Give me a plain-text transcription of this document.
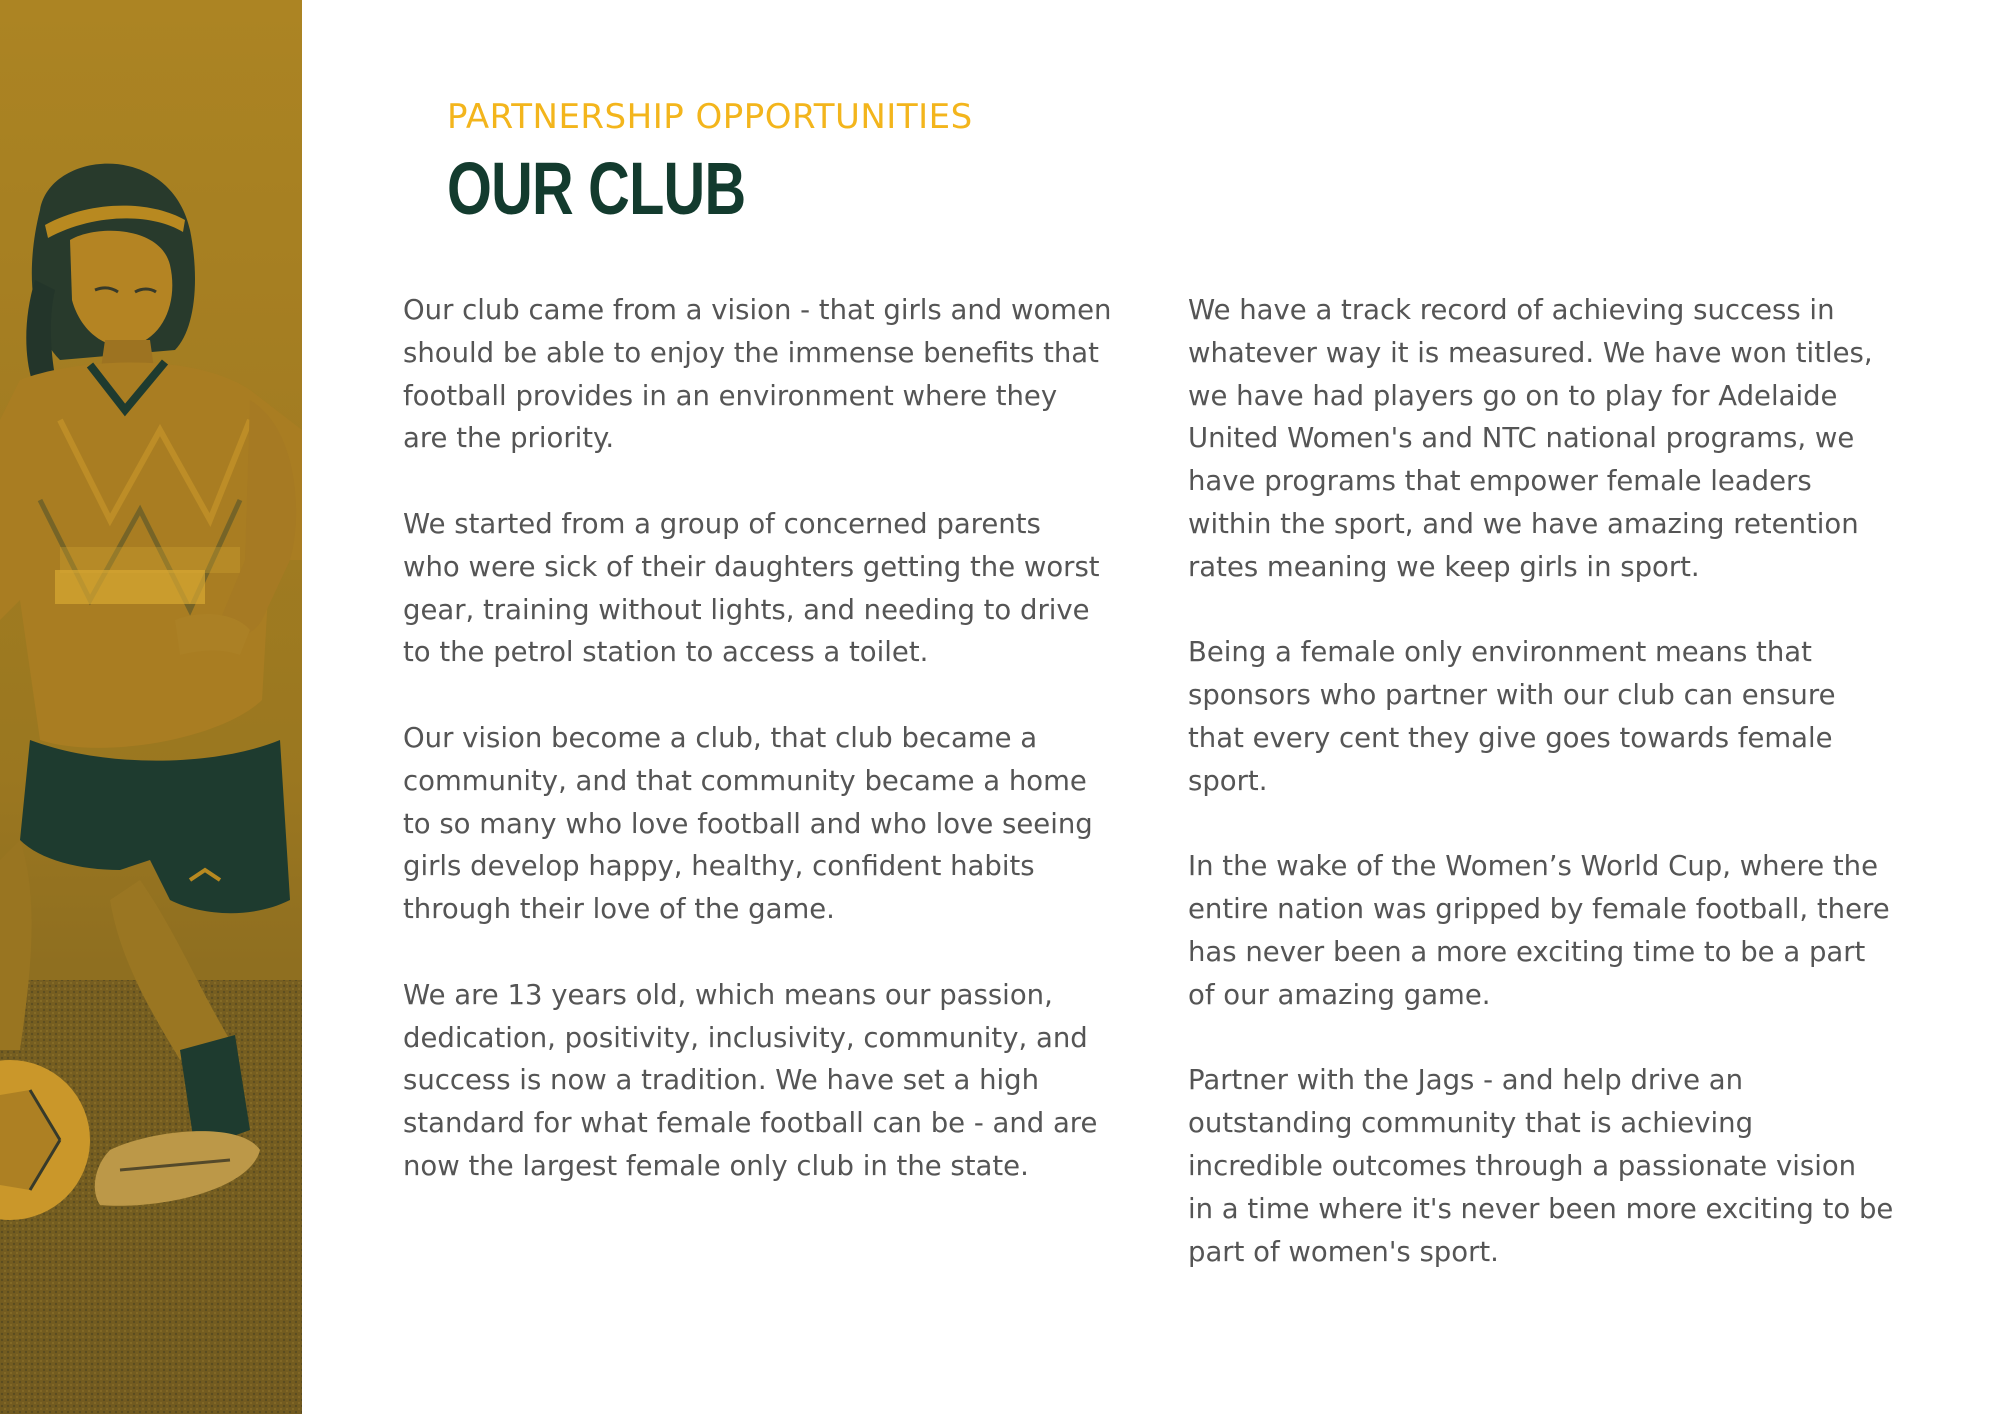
PARTNERSHIP OPPORTUNITIES
OUR CLUB
Our club came from a vision - that girls and women
should be able to enjoy the immense benefits that
football provides in an environment where they
are the priority.
We started from a group of concerned parents
who were sick of their daughters getting the worst
gear, training without lights, and needing to drive
to the petrol station to access a toilet.
Our vision become a club, that club became a
community, and that community became a home
to so many who love football and who love seeing
girls develop happy, healthy, confident habits
through their love of the game.
We are 13 years old, which means our passion,
dedication, positivity, inclusivity, community, and
success is now a tradition. We have set a high
standard for what female football can be - and are
now the largest female only club in the state.
We have a track record of achieving success in
whatever way it is measured. We have won titles,
we have had players go on to play for Adelaide
United Women's and NTC national programs, we
have programs that empower female leaders
within the sport, and we have amazing retention
rates meaning we keep girls in sport.
Being a female only environment means that
sponsors who partner with our club can ensure
that every cent they give goes towards female
sport.
In the wake of the Women’s World Cup, where the
entire nation was gripped by female football, there
has never been a more exciting time to be a part
of our amazing game.
Partner with the Jags - and help drive an
outstanding community that is achieving
incredible outcomes through a passionate vision
in a time where it's never been more exciting to be
part of women's sport.
